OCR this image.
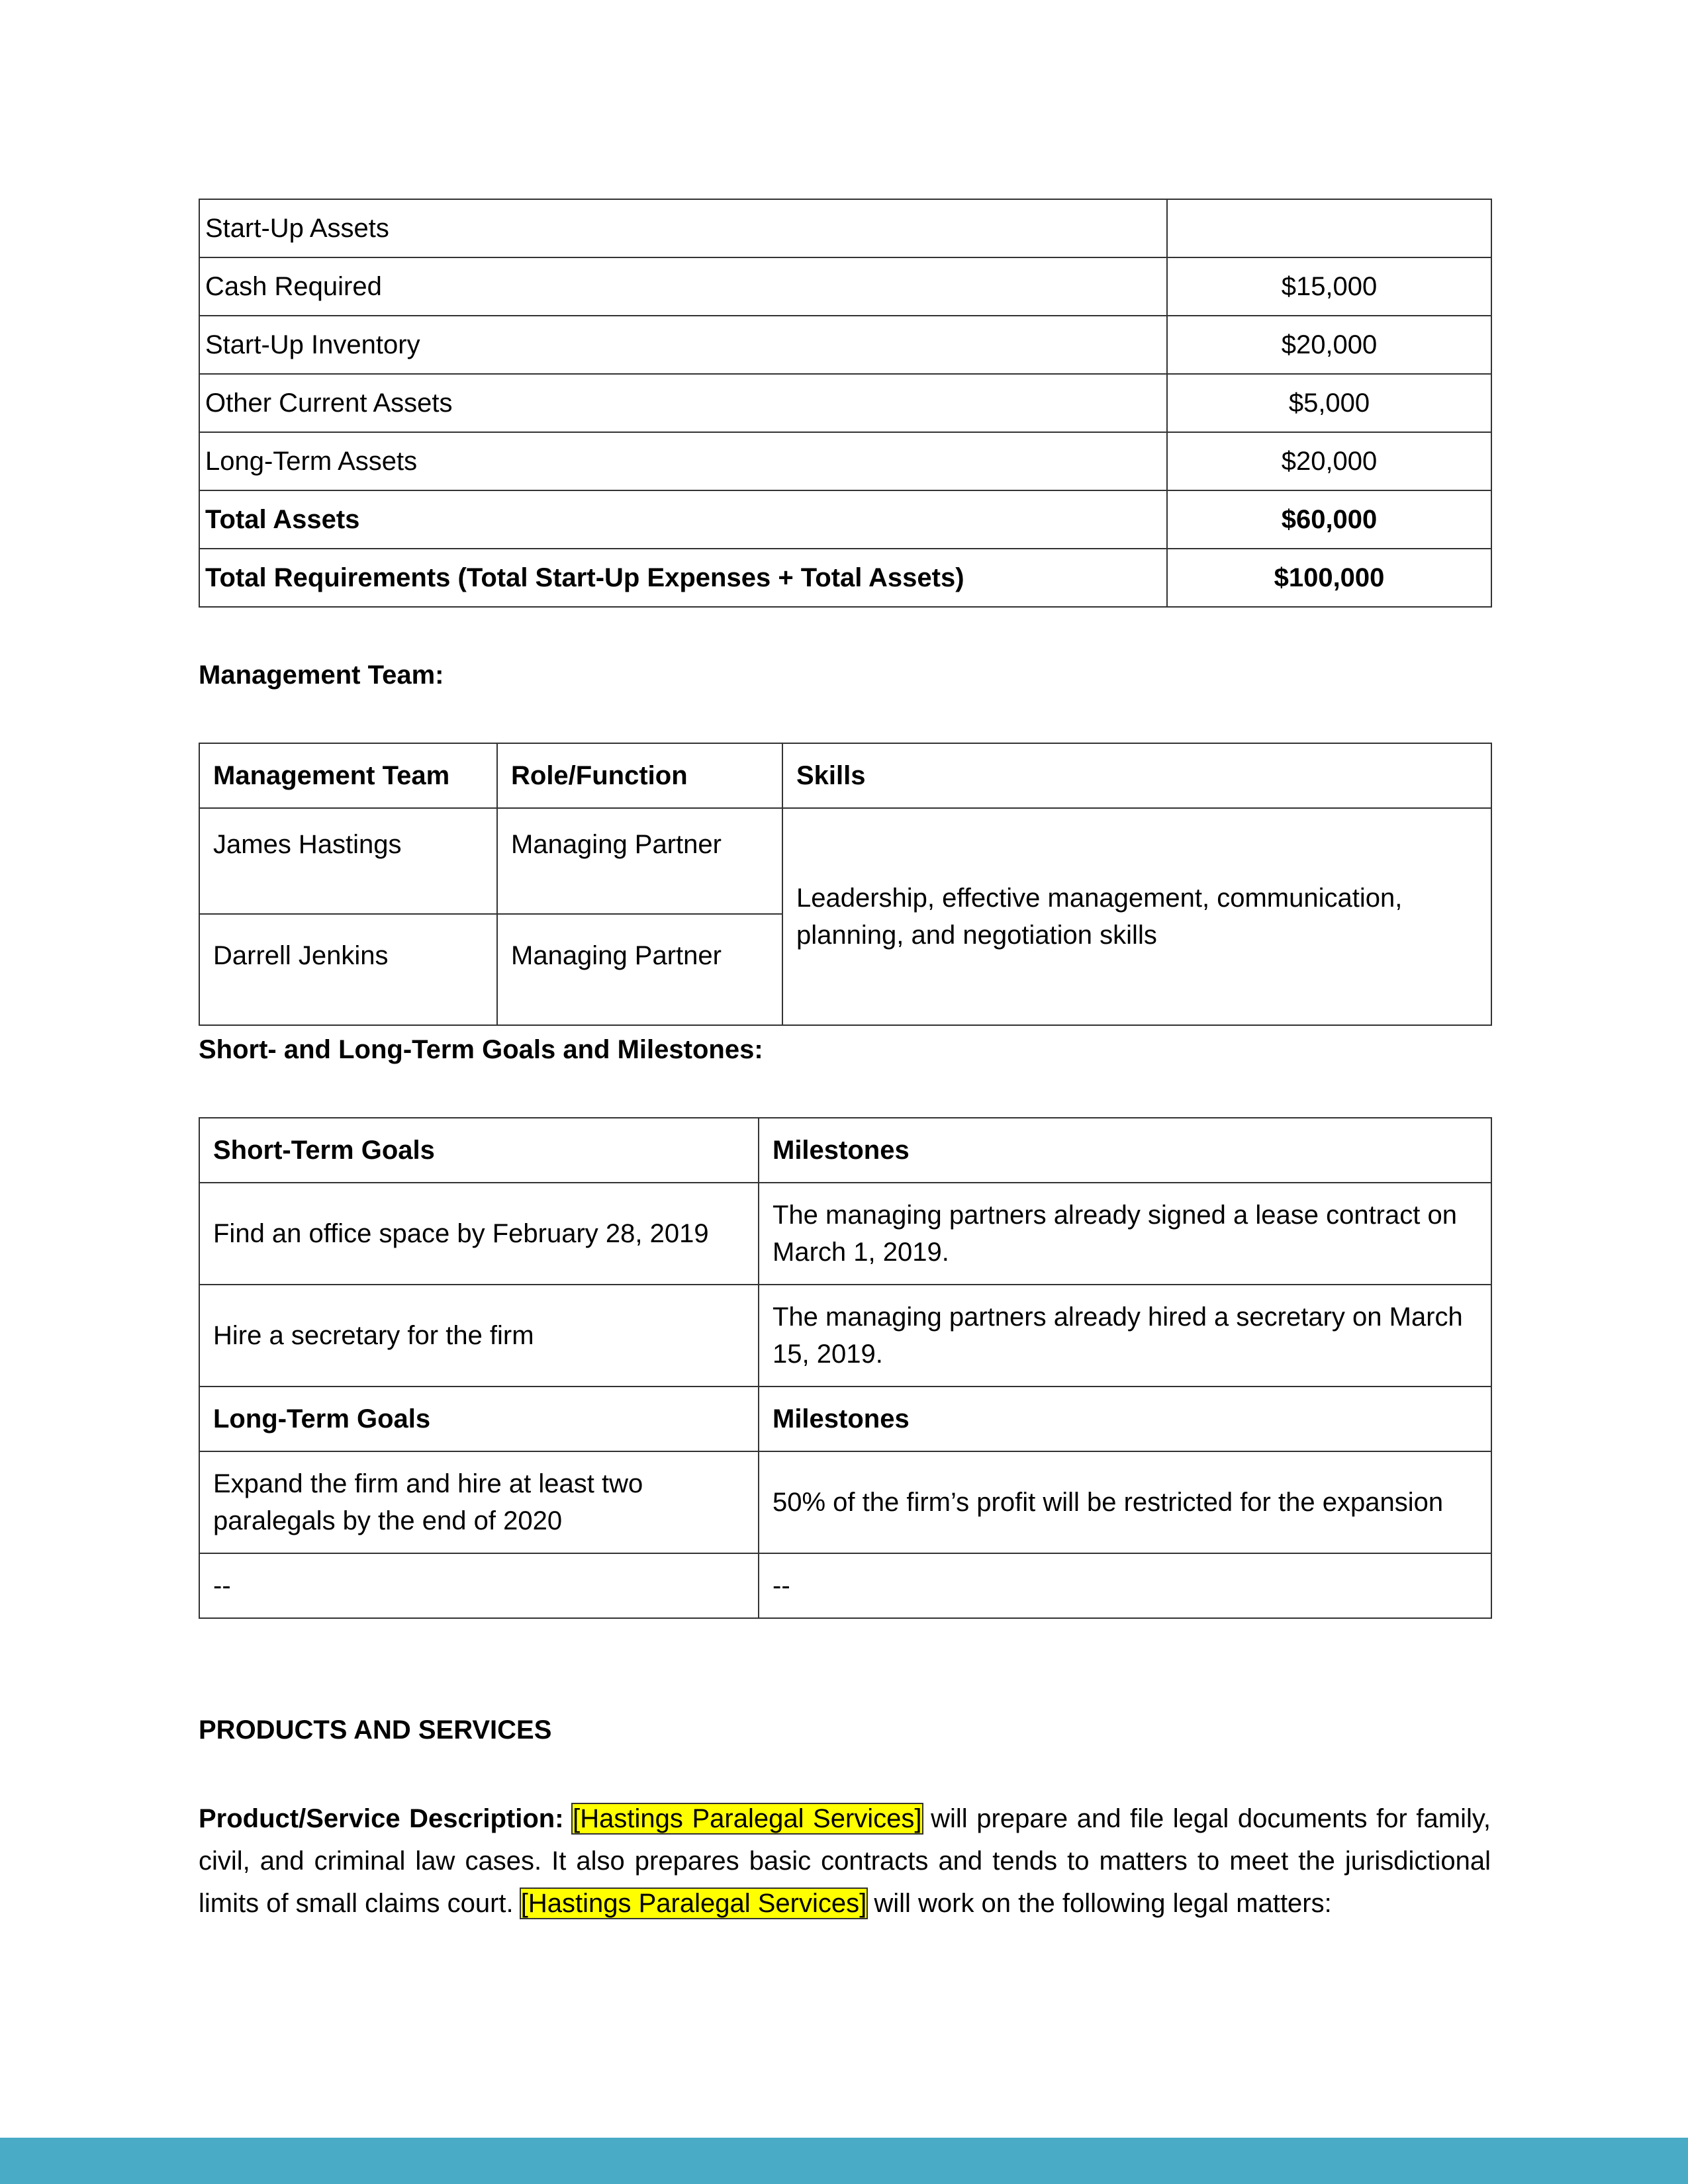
Start-Up Assets	
Cash Required	$15,000
Start-Up Inventory	$20,000
Other Current Assets	$5,000
Long-Term Assets	$20,000
Total Assets	$60,000
Total Requirements (Total Start-Up Expenses + Total Assets)	$100,000
Management Team:
Management Team	Role/Function	Skills
James Hastings	Managing Partner	Leadership, effective management, communication, planning, and negotiation skills
Darrell Jenkins	Managing Partner	
Short- and Long-Term Goals and Milestones:
Short-Term Goals	Milestones
Find an office space by February 28, 2019	The managing partners already signed a lease contract on March 1, 2019.
Hire a secretary for the firm	The managing partners already hired a secretary on March 15, 2019.
Long-Term Goals	Milestones
Expand the firm and hire at least two paralegals by the end of 2020	50% of the firm’s profit will be restricted for the expansion
--	--
PRODUCTS AND SERVICES

Product/Service Description: [Hastings Paralegal Services] will prepare and file legal documents for family, civil, and criminal law cases. It also prepares basic contracts and tends to matters to meet the jurisdictional limits of small claims court. [Hastings Paralegal Services] will work on the following legal matters:
